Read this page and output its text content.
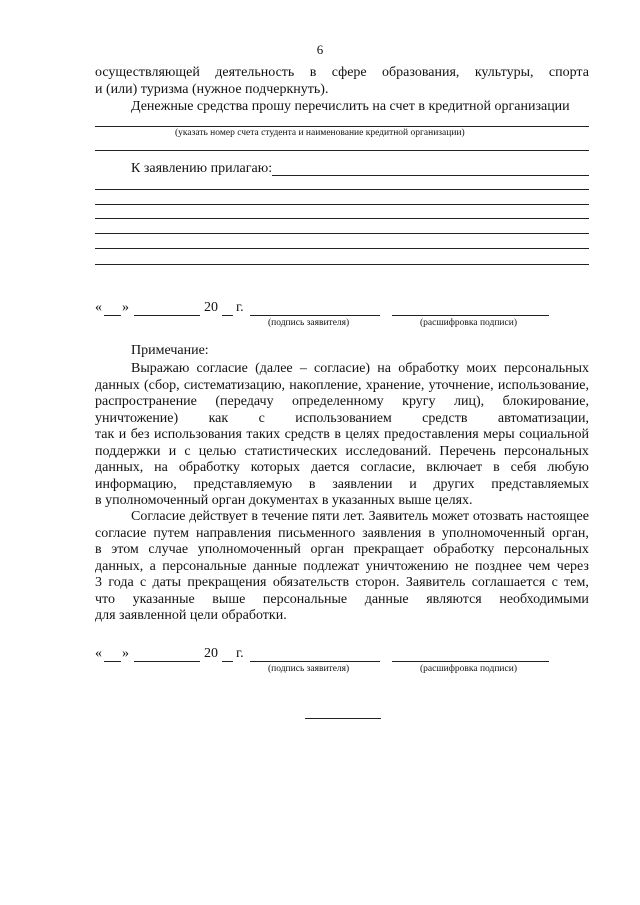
6
осуществляющей деятельность в сфере образования, культуры, спорта
и (или) туризма (нужное подчеркнуть).
Денежные средства прошу перечислить на счет в кредитной организации
(указать номер счета студента и наименование кредитной организации)
К заявлению прилагаю:
« »	20 г.
(подпись заявителя)	(расшифровка подписи)
Примечание:
Выражаю согласие (далее – согласие) на обработку моих персональных
данных (сбор, систематизацию, накопление, хранение, уточнение, использование,
распространение (передачу определенному кругу лиц), блокирование,
уничтожение) как с использованием средств автоматизации,
так и без использования таких средств в целях предоставления меры социальной
поддержки и с целью статистических исследований. Перечень персональных
данных, на обработку которых дается согласие, включает в себя любую
информацию, представляемую в заявлении и других представляемых
в уполномоченный орган документах в указанных выше целях.
Согласие действует в течение пяти лет. Заявитель может отозвать настоящее
согласие путем направления письменного заявления в уполномоченный орган,
в этом случае уполномоченный орган прекращает обработку персональных
данных, а персональные данные подлежат уничтожению не позднее чем через
3 года с даты прекращения обязательств сторон. Заявитель соглашается с тем,
что указанные выше персональные данные являются необходимыми
для заявленной цели обработки.
« »	20 г.
(подпись заявителя)	(расшифровка подписи)
